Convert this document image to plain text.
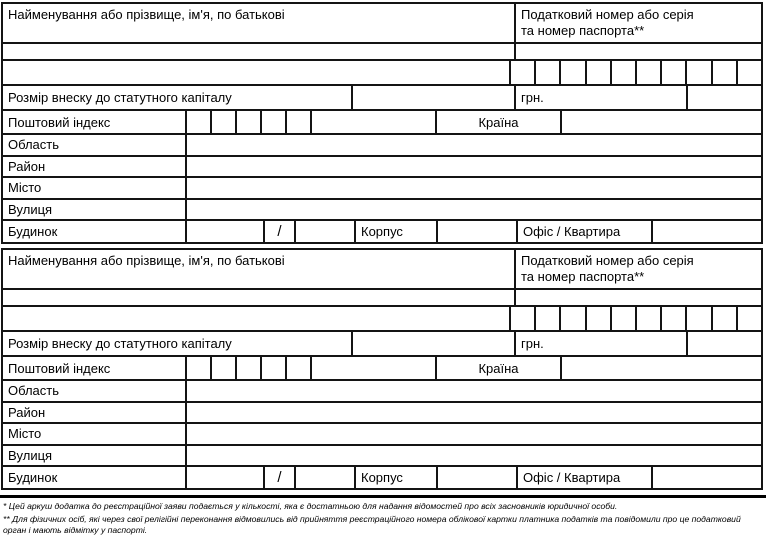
Найменування або прізвище, ім'я, по батькові	Податковий номер або серія
та номер паспорта**
Розмір внеску до статутного капіталу	грн.
Поштовий індекс	Країна
Область
Район
Місто
Вулиця
Будинок	/	Корпус	Офіс / Квартира
Найменування або прізвище, ім'я, по батькові	Податковий номер або серія
та номер паспорта**
Розмір внеску до статутного капіталу	грн.
Поштовий індекс	Країна
Область
Район
Місто
Вулиця
Будинок	/	Корпус	Офіс / Квартира

* Цей аркуш додатка до реєстраційної заяви подається у кількості, яка є достатньою для надання відомостей про всіх засновників юридичної особи.

** Для фізичних осіб, які через свої релігійні переконання відмовились від прийняття реєстраційного номера облікової картки платника податків та повідомили про це податковий орган і мають відмітку у паспорті.
